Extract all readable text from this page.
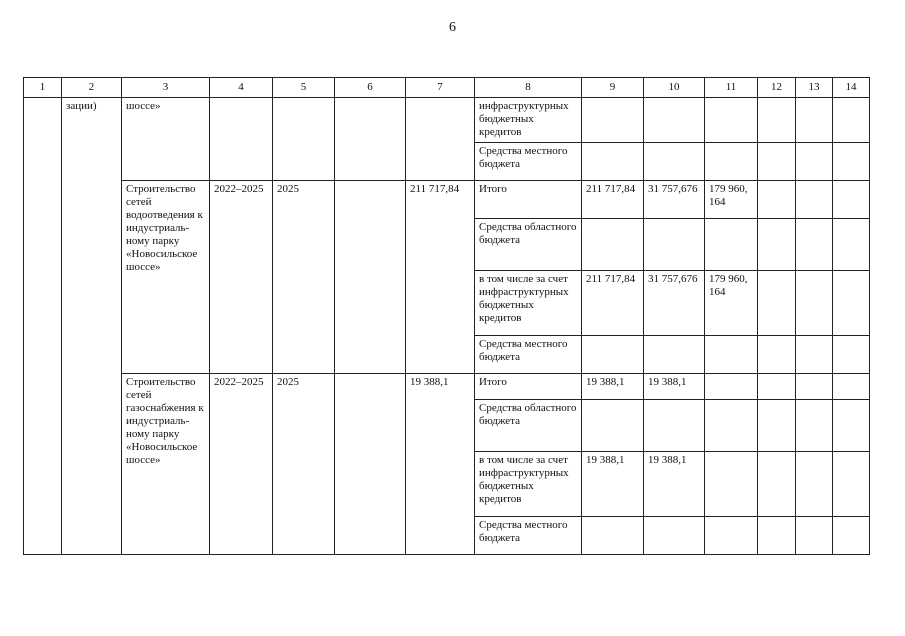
6
1	2	3	4	5	6	7	8	9	10	11	12	13	14
	зации)	шоссе»					инфраструктурных бюджетных кредитов						
							Средства местного бюджета						
		Строительство сетей водоотведения к индустриаль-ному парку «Новосильское шоссе»	2022–2025	2025		211 717,84	Итого	211 717,84	31 757,676	179 960, 164			
							Средства областного бюджета						
							в том числе за счет инфраструктурных бюджетных кредитов	211 717,84	31 757,676	179 960, 164			
							Средства местного бюджета						
		Строительство сетей газоснабжения к индустриаль-ному парку «Новосильское шоссе»	2022–2025	2025		19 388,1	Итого	19 388,1	19 388,1				
							Средства областного бюджета						
							в том числе за счет инфраструктурных бюджетных кредитов	19 388,1	19 388,1				
							Средства местного бюджета						
